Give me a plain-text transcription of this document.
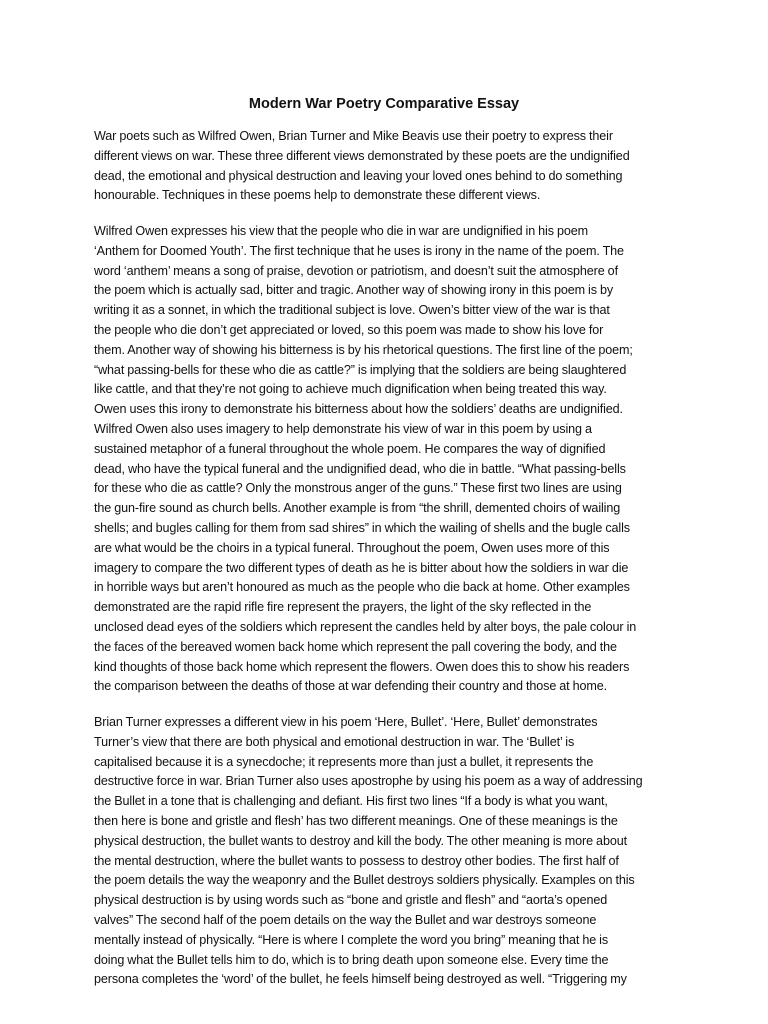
Modern War Poetry Comparative Essay

War poets such as Wilfred Owen, Brian Turner and Mike Beavis use their poetry to express their
different views on war. These three different views demonstrated by these poets are the undignified
dead, the emotional and physical destruction and leaving your loved ones behind to do something
honourable. Techniques in these poems help to demonstrate these different views.

Wilfred Owen expresses his view that the people who die in war are undignified in his poem
‘Anthem for Doomed Youth’. The first technique that he uses is irony in the name of the poem. The
word ‘anthem’ means a song of praise, devotion or patriotism, and doesn’t suit the atmosphere of
the poem which is actually sad, bitter and tragic. Another way of showing irony in this poem is by
writing it as a sonnet, in which the traditional subject is love. Owen’s bitter view of the war is that
the people who die don’t get appreciated or loved, so this poem was made to show his love for
them. Another way of showing his bitterness is by his rhetorical questions. The first line of the poem;
“what passing-bells for these who die as cattle?” is implying that the soldiers are being slaughtered
like cattle, and that they’re not going to achieve much dignification when being treated this way.
Owen uses this irony to demonstrate his bitterness about how the soldiers’ deaths are undignified.
Wilfred Owen also uses imagery to help demonstrate his view of war in this poem by using a
sustained metaphor of a funeral throughout the whole poem. He compares the way of dignified
dead, who have the typical funeral and the undignified dead, who die in battle. “What passing-bells
for these who die as cattle? Only the monstrous anger of the guns.” These first two lines are using
the gun-fire sound as church bells. Another example is from “the shrill, demented choirs of wailing
shells; and bugles calling for them from sad shires” in which the wailing of shells and the bugle calls
are what would be the choirs in a typical funeral. Throughout the poem, Owen uses more of this
imagery to compare the two different types of death as he is bitter about how the soldiers in war die
in horrible ways but aren’t honoured as much as the people who die back at home. Other examples
demonstrated are the rapid rifle fire represent the prayers, the light of the sky reflected in the
unclosed dead eyes of the soldiers which represent the candles held by alter boys, the pale colour in
the faces of the bereaved women back home which represent the pall covering the body, and the
kind thoughts of those back home which represent the flowers. Owen does this to show his readers
the comparison between the deaths of those at war defending their country and those at home.

Brian Turner expresses a different view in his poem ‘Here, Bullet’. ‘Here, Bullet’ demonstrates
Turner’s view that there are both physical and emotional destruction in war. The ‘Bullet’ is
capitalised because it is a synecdoche; it represents more than just a bullet, it represents the
destructive force in war. Brian Turner also uses apostrophe by using his poem as a way of addressing
the Bullet in a tone that is challenging and defiant. His first two lines “If a body is what you want,
then here is bone and gristle and flesh’ has two different meanings. One of these meanings is the
physical destruction, the bullet wants to destroy and kill the body. The other meaning is more about
the mental destruction, where the bullet wants to possess to destroy other bodies. The first half of
the poem details the way the weaponry and the Bullet destroys soldiers physically. Examples on this
physical destruction is by using words such as “bone and gristle and flesh” and “aorta’s opened
valves” The second half of the poem details on the way the Bullet and war destroys someone
mentally instead of physically. “Here is where I complete the word you bring” meaning that he is
doing what the Bullet tells him to do, which is to bring death upon someone else. Every time the
persona completes the ‘word’ of the bullet, he feels himself being destroyed as well. “Triggering my
